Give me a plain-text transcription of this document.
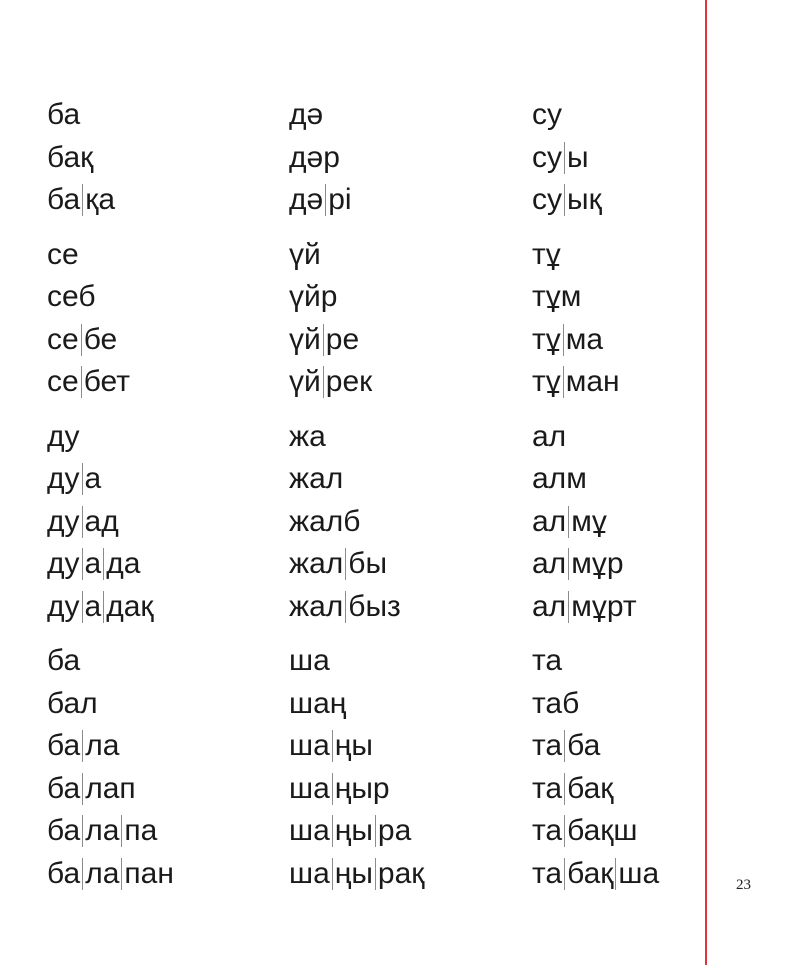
ба
бақ
ба қа
се
себ
се бе
се бет
ду
ду а
ду ад
ду а да
ду а дақ
ба
бал
ба ла
ба лап
ба ла па
ба ла пан
дә
дәр
дә рі
үй
үйр
үй ре
үй рек
жа
жал
жалб
жал бы
жал быз
ша
шаң
ша ңы
ша ңыр
ша ңы ра
ша ңы рақ
су
су ы
су ық
тұ
тұм
тұ ма
тұ ман
ал
алм
ал мұ
ал мұр
ал мұрт
та
таб
та ба
та бақ
та бақш
та бақ ша	23
